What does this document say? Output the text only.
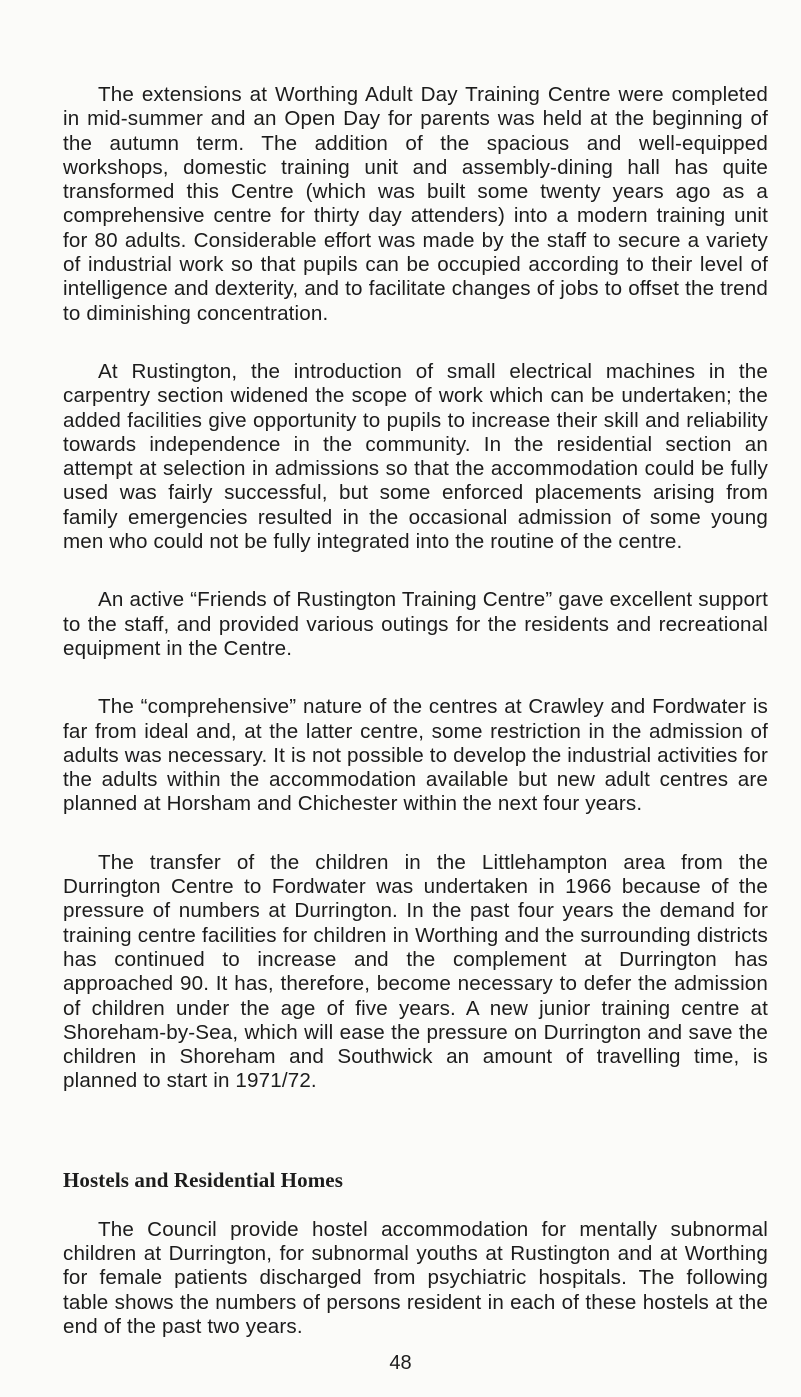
The extensions at Worthing Adult Day Training Centre were completed in mid-summer and an Open Day for parents was held at the beginning of the autumn term. The addition of the spacious and well-equipped workshops, domestic training unit and assembly-dining hall has quite transformed this Centre (which was built some twenty years ago as a comprehensive centre for thirty day attenders) into a modern training unit for 80 adults. Considerable effort was made by the staff to secure a variety of industrial work so that pupils can be occupied according to their level of intelligence and dexterity, and to facilitate changes of jobs to offset the trend to diminishing concentration.

At Rustington, the introduction of small electrical machines in the carpentry section widened the scope of work which can be undertaken; the added facilities give opportunity to pupils to increase their skill and reliability towards independence in the community. In the residential section an attempt at selection in admissions so that the accommodation could be fully used was fairly successful, but some enforced placements arising from family emergencies resulted in the occasional admission of some young men who could not be fully integrated into the routine of the centre.

An active “Friends of Rustington Training Centre” gave excellent support to the staff, and provided various outings for the residents and recreational equipment in the Centre.

The “comprehensive” nature of the centres at Crawley and Fordwater is far from ideal and, at the latter centre, some restriction in the admission of adults was necessary. It is not possible to develop the industrial activities for the adults within the accommodation available but new adult centres are planned at Horsham and Chichester within the next four years.

The transfer of the children in the Littlehampton area from the Durrington Centre to Fordwater was undertaken in 1966 because of the pressure of numbers at Durrington. In the past four years the demand for training centre facilities for children in Worthing and the surrounding districts has continued to increase and the complement at Durrington has approached 90. It has, therefore, become necessary to defer the admission of children under the age of five years. A new junior training centre at Shoreham-by-Sea, which will ease the pressure on Durrington and save the children in Shoreham and Southwick an amount of travelling time, is planned to start in 1971/72.

Hostels and Residential Homes

The Council provide hostel accommodation for mentally subnormal children at Durrington, for subnormal youths at Rustington and at Worthing for female patients discharged from psychiatric hospitals. The following table shows the numbers of persons resident in each of these hostels at the end of the past two years.

48
